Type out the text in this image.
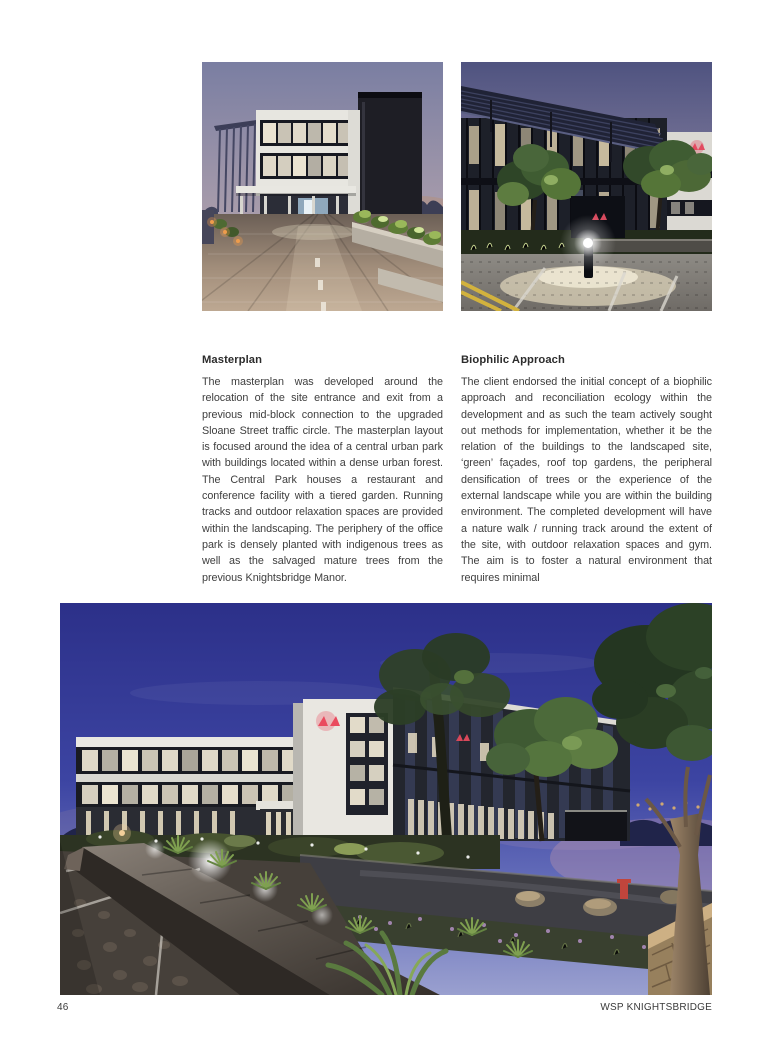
Masterplan

The masterplan was developed around the relocation of the site entrance and exit from a previous mid-block connection to the upgraded Sloane Street traffic circle. The masterplan layout is focused around the idea of a central urban park with buildings located within a dense urban forest. The Central Park houses a restaurant and conference facility with a tiered garden. Running tracks and outdoor relaxation spaces are provided within the landscaping. The periphery of the office park is densely planted with indigenous trees as well as the salvaged mature trees from the previous Knightsbridge Manor.

Biophilic Approach

The client endorsed the initial concept of a biophilic approach and reconciliation ecology within the development and as such the team actively sought out methods for implementation, whether it be the relation of the buildings to the landscaped site, ‘green’ façades, roof top gardens, the peripheral densification of trees or the experience of the external landscape while you are within the building environment. The completed development will have a nature walk / running track around the extent of the site, with outdoor relaxation spaces and gym. The aim is to foster a natural environment that requires minimal

46	WSP KNIGHTSBRIDGE
